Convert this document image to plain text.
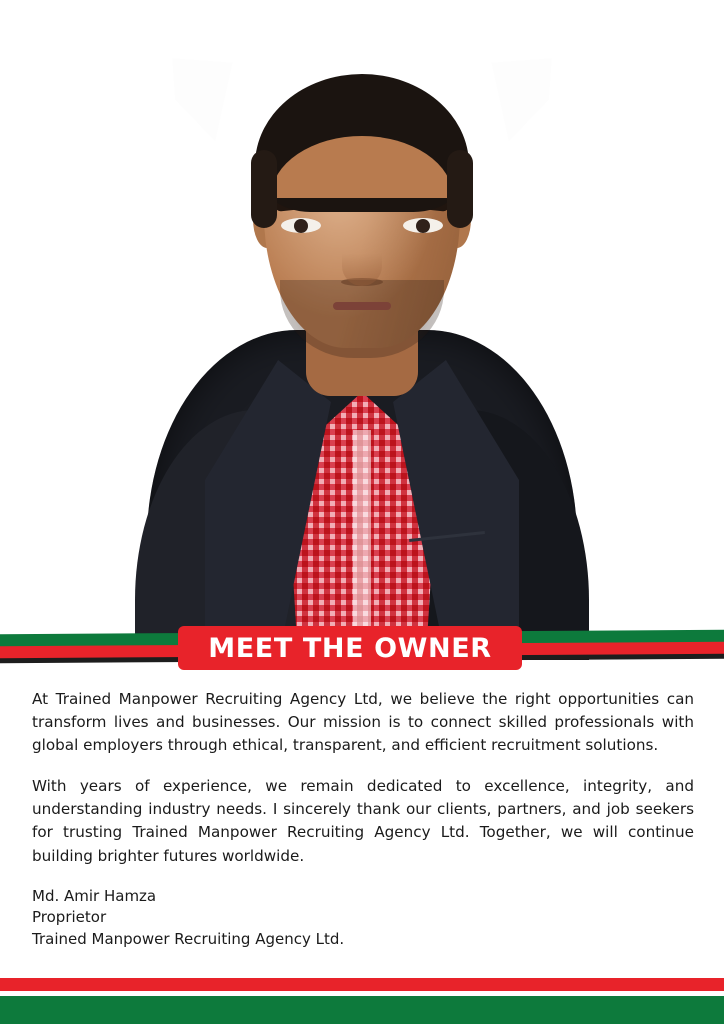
MEET THE OWNER

At Trained Manpower Recruiting Agency Ltd, we believe the right opportunities can transform lives and businesses. Our mission is to connect skilled professionals with global employers through ethical, transparent, and efficient recruitment solutions.

With years of experience, we remain dedicated to excellence, integrity, and understanding industry needs. I sincerely thank our clients, partners, and job seekers for trusting Trained Manpower Recruiting Agency Ltd. Together, we will continue building brighter futures worldwide.

Md. Amir Hamza
Proprietor
Trained Manpower Recruiting Agency Ltd.
